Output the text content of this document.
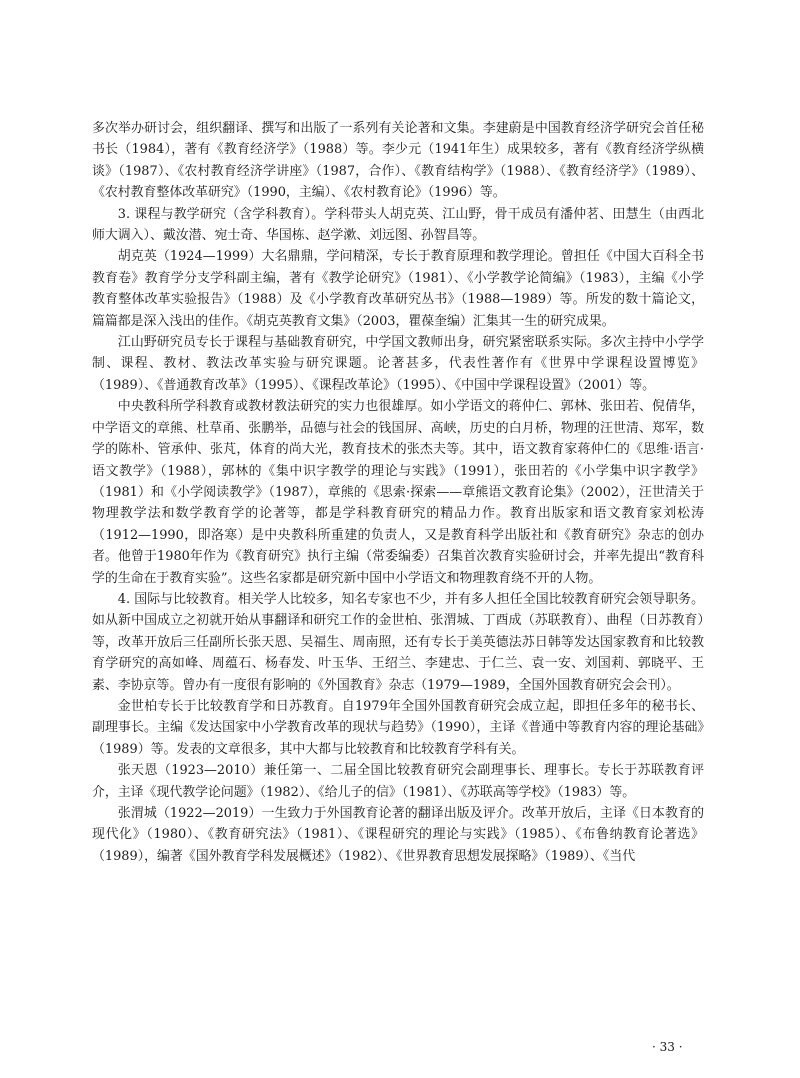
多次举办研讨会，组织翻译、撰写和出版了一系列有关论著和文集。李建蔚是中国教育经济学研究会首任秘书长（1984），著有《教育经济学》（1988）等。李少元（1941年生）成果较多，著有《教育经济学纵横谈》（1987）、《农村教育经济学讲座》（1987，合作）、《教育结构学》（1988）、《教育经济学》（1989）、《农村教育整体改革研究》（1990，主编）、《农村教育论》（1996）等。

3. 课程与教学研究（含学科教育）。学科带头人胡克英、江山野，骨干成员有潘仲茗、田慧生（由西北师大调入）、戴汝潜、宛士奇、华国栋、赵学漱、刘远图、孙智昌等。

胡克英（1924—1999）大名鼎鼎，学问精深，专长于教育原理和教学理论。曾担任《中国大百科全书 教育卷》教育学分支学科副主编，著有《教学论研究》（1981）、《小学教学论简编》（1983），主编《小学教育整体改革实验报告》（1988）及《小学教育改革研究丛书》（1988—1989）等。所发的数十篇论文，篇篇都是深入浅出的佳作。《胡克英教育文集》（2003，瞿葆奎编）汇集其一生的研究成果。

江山野研究员专长于课程与基础教育研究，中学国文教师出身，研究紧密联系实际。多次主持中小学学制、课程、教材、教法改革实验与研究课题。论著甚多，代表性著作有《世界中学课程设置博览》（1989）、《普通教育改革》（1995）、《课程改革论》（1995）、《中国中学课程设置》（2001）等。

中央教科所学科教育或教材教法研究的实力也很雄厚。如小学语文的蒋仲仁、郭林、张田若、倪倩华，中学语文的章熊、杜草甬、张鹏举，品德与社会的钱国屏、高峡，历史的白月桥，物理的汪世清、郑军，数学的陈朴、管承仲、张芃，体育的尚大光，教育技术的张杰夫等。其中，语文教育家蒋仲仁的《思维·语言·语文教学》（1988），郭林的《集中识字教学的理论与实践》（1991），张田若的《小学集中识字教学》（1981）和《小学阅读教学》（1987），章熊的《思索·探索——章熊语文教育论集》（2002），汪世清关于物理教学法和数学教育学的论著等，都是学科教育研究的精品力作。教育出版家和语文教育家刘松涛（1912—1990，即洛寒）是中央教科所重建的负责人，又是教育科学出版社和《教育研究》杂志的创办者。他曾于1980年作为《教育研究》执行主编（常委编委）召集首次教育实验研讨会，并率先提出“教育科学的生命在于教育实验”。这些名家都是研究新中国中小学语文和物理教育绕不开的人物。

4. 国际与比较教育。相关学人比较多，知名专家也不少，并有多人担任全国比较教育研究会领导职务。如从新中国成立之初就开始从事翻译和研究工作的金世柏、张渭城、丁酉成（苏联教育）、曲程（日苏教育）等，改革开放后三任副所长张天恩、吴福生、周南照，还有专长于美英德法苏日韩等发达国家教育和比较教育学研究的高如峰、周蕴石、杨春发、叶玉华、王绍兰、李建忠、于仁兰、袁一安、刘国莉、郭晓平、王素、李协京等。曾办有一度很有影响的《外国教育》杂志（1979—1989，全国外国教育研究会会刊）。

金世柏专长于比较教育学和日苏教育。自1979年全国外国教育研究会成立起，即担任多年的秘书长、副理事长。主编《发达国家中小学教育改革的现状与趋势》（1990），主译《普通中等教育内容的理论基础》（1989）等。发表的文章很多，其中大都与比较教育和比较教育学科有关。

张天恩（1923—2010）兼任第一、二届全国比较教育研究会副理事长、理事长。专长于苏联教育评介，主译《现代教学论问题》（1982）、《给儿子的信》（1981）、《苏联高等学校》（1983）等。

张渭城（1922—2019）一生致力于外国教育论著的翻译出版及评介。改革开放后，主译《日本教育的现代化》（1980）、《教育研究法》（1981）、《课程研究的理论与实践》（1985）、《布鲁纳教育论著选》（1989），编著《国外教育学科发展概述》（1982）、《世界教育思想发展探略》（1989）、《当代

· 33 ·
